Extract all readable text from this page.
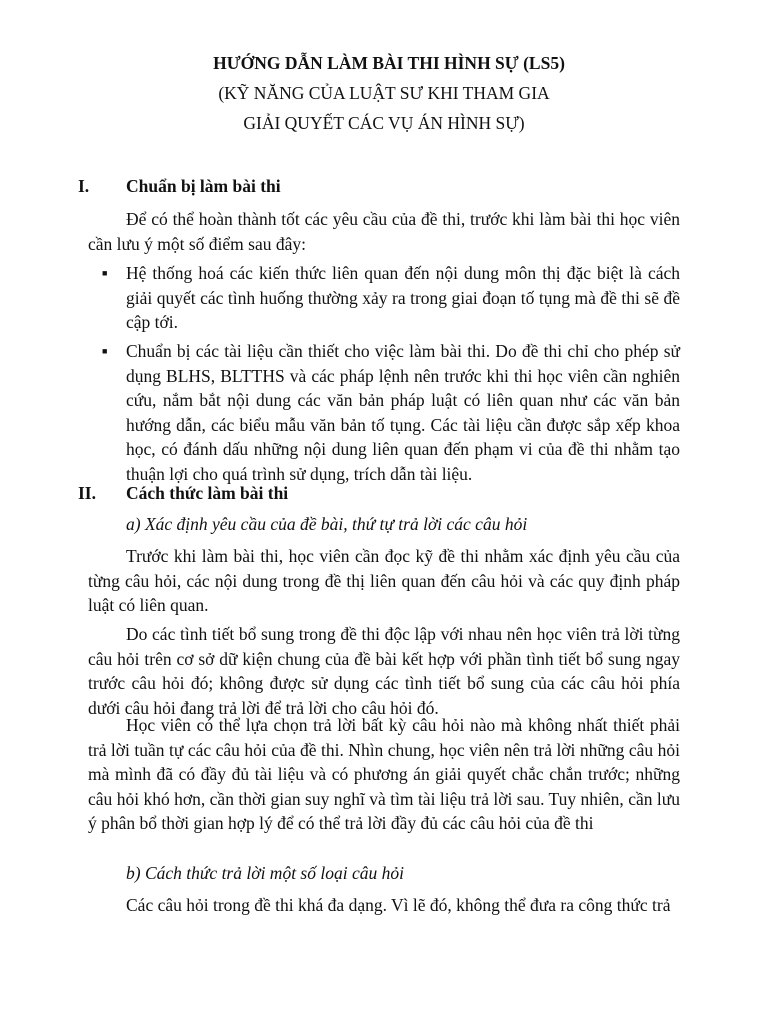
HƯỚNG DẪN LÀM BÀI THI HÌNH SỰ (LS5)
(KỸ NĂNG CỦA LUẬT SƯ KHI THAM GIA
GIẢI QUYẾT CÁC VỤ ÁN HÌNH SỰ)
I.	Chuẩn bị làm bài thi
Để có thể hoàn thành tốt các yêu cầu của đề thi, trước khi làm bài thi học viên cần lưu ý một số điểm sau đây:
■	Hệ thống hoá các kiến thức liên quan đến nội dung môn thị đặc biệt là cách giải quyết các tình huống thường xảy ra trong giai đoạn tố tụng mà đề thi sẽ đề cập tới.
■	Chuẩn bị các tài liệu cần thiết cho việc làm bài thi. Do đề thi chỉ cho phép sử dụng BLHS, BLTTHS và các pháp lệnh nên trước khi thi học viên cần nghiên cứu, nắm bắt nội dung các văn bản pháp luật có liên quan như các văn bản hướng dẫn, các biểu mẫu văn bản tố tụng. Các tài liệu cần được sắp xếp khoa học, có đánh dấu những nội dung liên quan đến phạm vi của đề thi nhằm tạo thuận lợi cho quá trình sử dụng, trích dẫn tài liệu.
II.	Cách thức làm bài thi
a) Xác định yêu cầu của đề bài, thứ tự trả lời các câu hỏi
Trước khi làm bài thi, học viên cần đọc kỹ đề thi nhằm xác định yêu cầu của từng câu hỏi, các nội dung trong đề thị liên quan đến câu hỏi và các quy định pháp luật có liên quan.
Do các tình tiết bổ sung trong đề thi độc lập với nhau nên học viên trả lời từng câu hỏi trên cơ sở dữ kiện chung của đề bài kết hợp với phần tình tiết bổ sung ngay trước câu hỏi đó; không được sử dụng các tình tiết bổ sung của các câu hỏi phía dưới câu hỏi đang trả lời để trả lời cho câu hỏi đó.
Học viên có thể lựa chọn trả lời bất kỳ câu hỏi nào mà không nhất thiết phải trả lời tuần tự các câu hỏi của đề thi. Nhìn chung, học viên nên trả lời những câu hỏi mà mình đã có đầy đủ tài liệu và có phương án giải quyết chắc chắn trước; những câu hỏi khó hơn, cần thời gian suy nghĩ và tìm tài liệu trả lời sau. Tuy nhiên, cần lưu ý phân bổ thời gian hợp lý để có thể trả lời đầy đủ các câu hỏi của đề thi
b) Cách thức trả lời một số loại câu hỏi
Các câu hỏi trong đề thi khá đa dạng. Vì lẽ đó, không thể đưa ra công thức trả
